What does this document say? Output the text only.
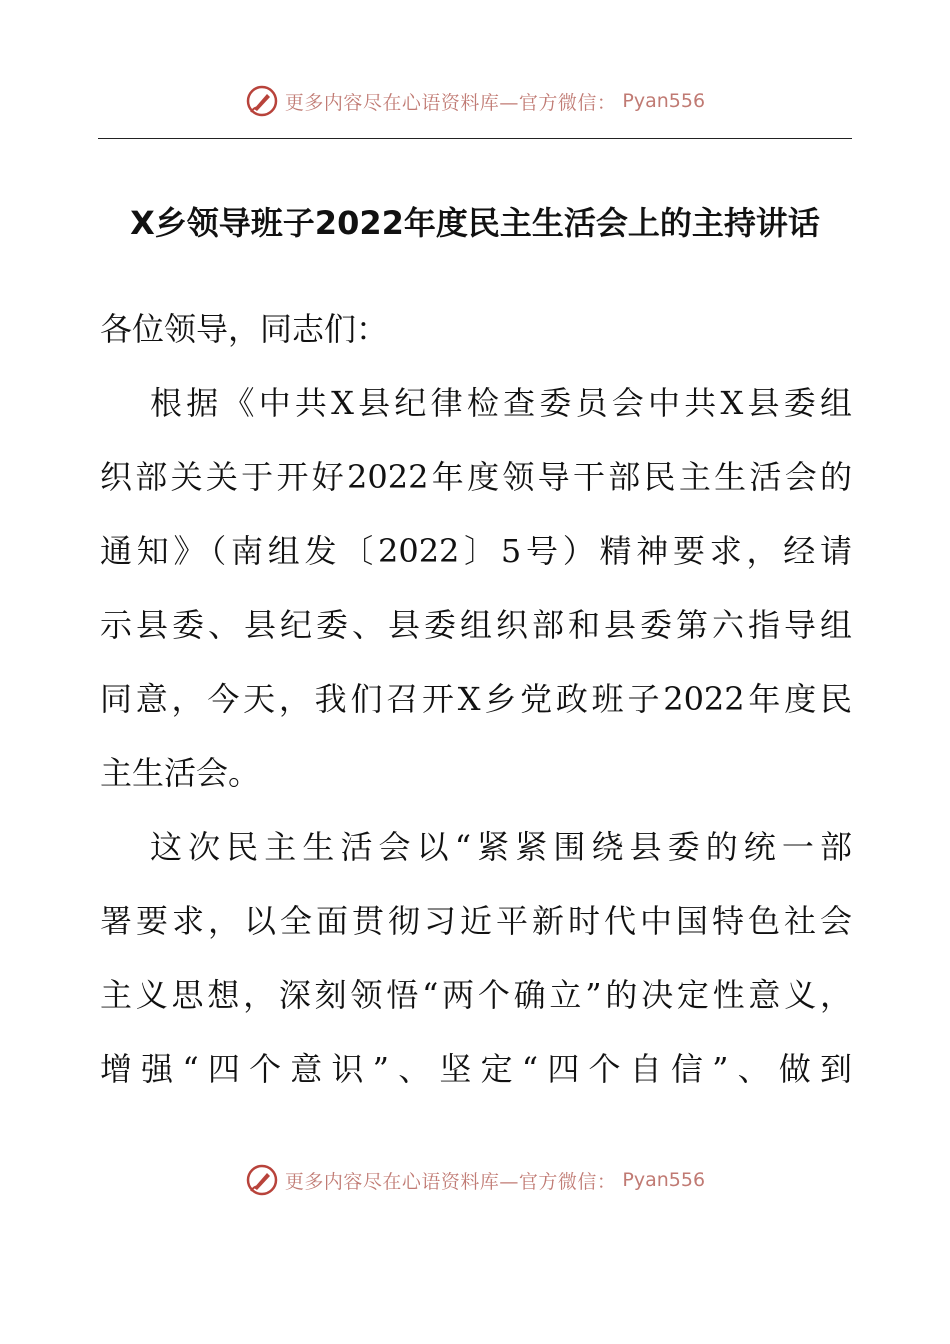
更多内容尽在心语资料库—官方微信： Pyan556
X乡领导班子2022年度民主生活会上的主持讲话
各位领导，同志们：
根据《中共X县纪律检查委员会中共X县委组
织部关关于开好2022年度领导干部民主生活会的
通知》（南组发〔2022〕5号）精神要求，经请
示县委、县纪委、县委组织部和县委第六指导组
同意，今天，我们召开X乡党政班子2022年度民
主生活会。
这次民主生活会以“紧紧围绕县委的统一部
署要求，以全面贯彻习近平新时代中国特色社会
主义思想，深刻领悟“两个确立”的决定性意义，
增强“四个意识”、坚定“四个自信”、做到
更多内容尽在心语资料库—官方微信： Pyan556
